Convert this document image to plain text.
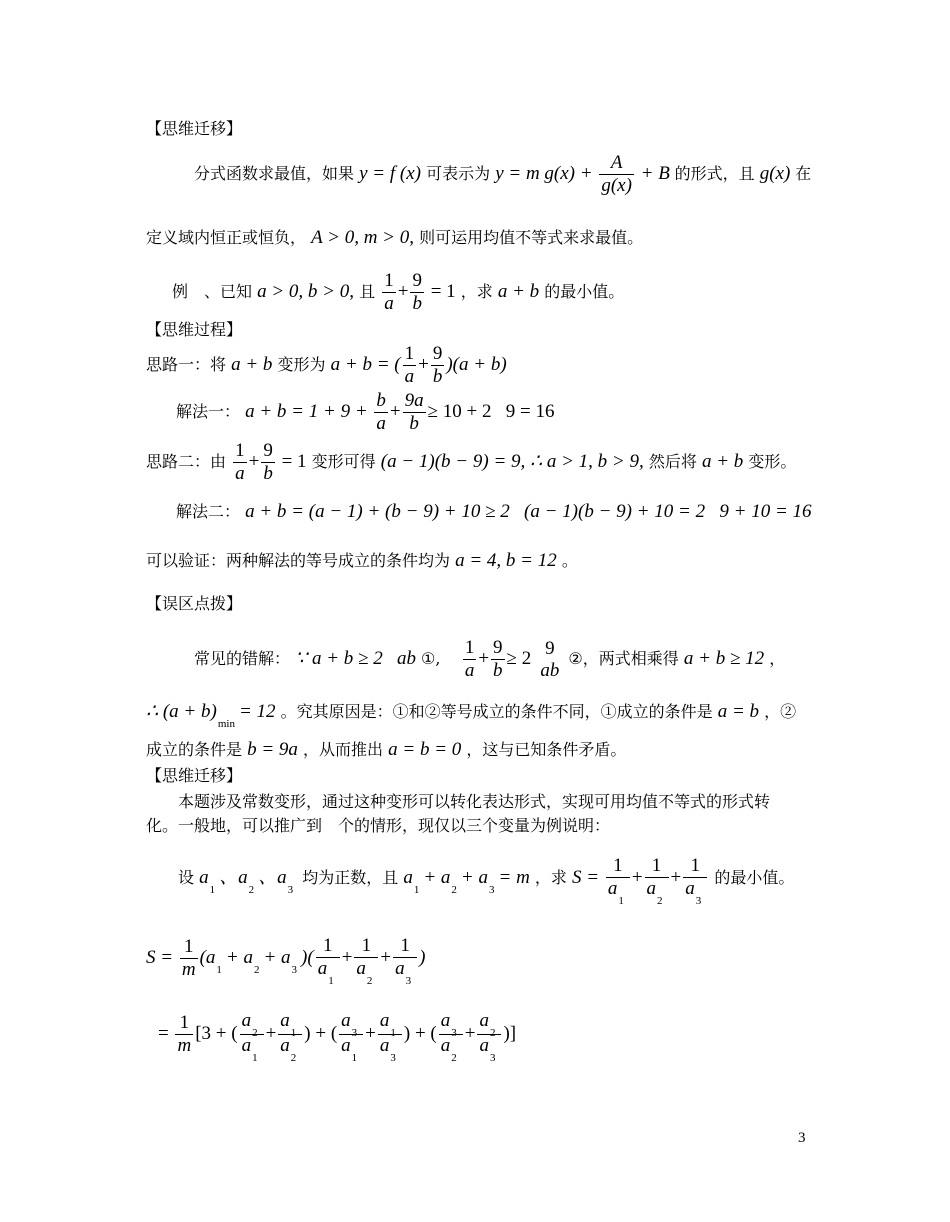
【思维迁移】
分式函数求最值，如果 y = f (x) 可表示为 y = m $g(x) + \frac{A}{g(x)} + B$ 的形式，且 g(x) 在
定义域内恒正或恒负， A > 0, m > 0, 则可运用均值不等式来求最值。
例　、已知 a > 0, b > 0, 且 $\frac{1}{a} + \frac{9}{b} = 1$ ，求 a + b 的最小值。
【思维过程】
思路一：将 a + b 变形为 a + b = ( $\frac{1}{a} + \frac{9}{b} )(a + b)$
解法一： $a + b = 1 + 9 + \frac{b}{a} + \frac{9a}{b} \ge 10 + 2$   9 = 16
思路二：由 $\frac{1}{a} + \frac{9}{b} = 1$ 变形可得 (a − 1)(b − 9) = 9, ∴ a > 1, b > 9, 然后将 a + b 变形。
解法二： a + b = (a − 1) + (b − 9) + 10 ≥ 2   (a − 1)(b − 9) + 10 = 2   9 + 10 = 16
可以验证：两种解法的等号成立的条件均为 a = 4, b = 12 。
【误区点拨】
常见的错解： ∵ a + b ≥ 2   ab ①, $\frac{1}{a} + \frac{9}{b} \ge 2$ 9
ab
②，两式相乘得 a + b ≥ 12 ，
∴ $(a + b)_{min}= 12$ 。究其原因是：①和②等号成立的条件不同，①成立的条件是 a = b ，②
成立的条件是 b = 9a ，从而推出 a = b = 0 ，这与已知条件矛盾。
【思维迁移】
本题涉及常数变形，通过这种变形可以转化表达形式，实现可用均值不等式的形式转
化。一般地，可以推广到　个的情形，现仅以三个变量为例说明：
设 $a_1$、$a_2$、$a_3$ 均为正数，且 $a_1+ a_2+ a_3= m$ ，求 $S = \frac{1}{a_1} + \frac{1}{a_2} + \frac{1}{a_3}$ 的最小值。
$S = \frac{1}{m} (a_1+ a_2+ a_3)( \frac{1}{a_1} + \frac{1}{a_2} + \frac{1}{a_3}$ )
= $\frac{1}{m} [3$ + ( $\frac{a_2}{a_1} + \frac{a_1}{a_2}$ ) + ( $\frac{a_3}{a_1} + \frac{a_1}{a_3}$ ) + ( $\frac{a_3}{a_2} + \frac{a_2}{a_3}$ )]
3
